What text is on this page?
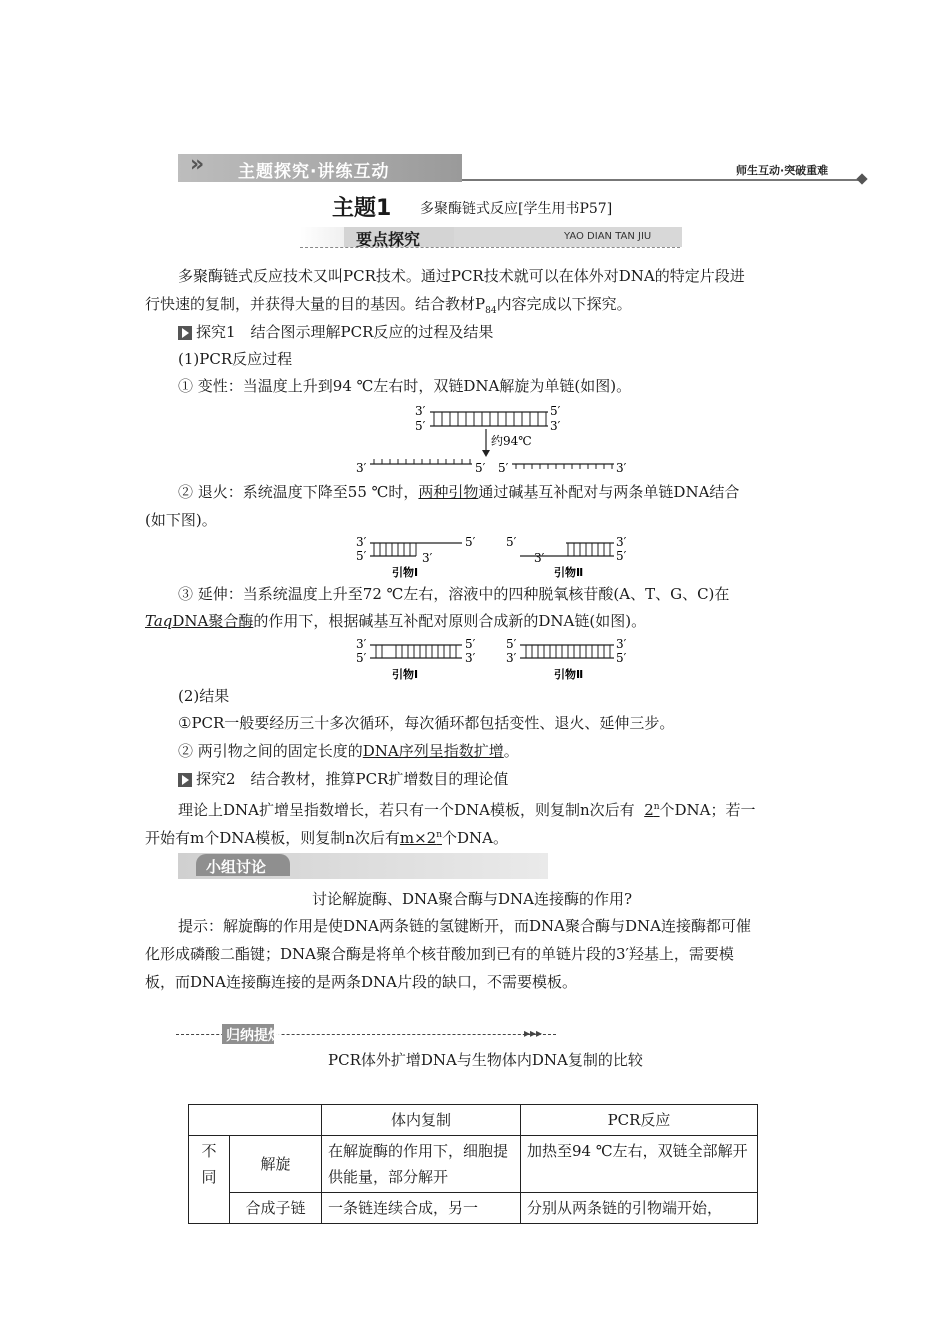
» 主题探究·讲练互动	师生互动·突破重难
主题1 多聚酶链式反应[学生用书P57]
要点探究	YAO DIAN TAN JIU
多聚酶链式反应技术又叫PCR技术。通过PCR技术就可以在体外对DNA的特定片段进
行快速的复制，并获得大量的目的基因。结合教材$P_{84}$内容完成以下探究。
探究1　结合图示理解PCR反应的过程及结果
(1)PCR反应过程
① 变性：当温度上升到94 ℃左右时，双链DNA解旋为单链(如图)。
3′
5′
5′
3′
约94℃
3′	5′ 5′	3′
② 退火：系统温度下降至55 ℃时，两种引物通过碱基互补配对与两条单链DNA结合
(如下图)。
3′
5′	3′
5′
引物Ⅰ
5′
3′
3′
5′
引物Ⅱ
③ 延伸：当系统温度上升至72 ℃左右，溶液中的四种脱氧核苷酸(A、T、G、C)在
TaqDNA聚合酶的作用下，根据碱基互补配对原则合成新的DNA链(如图)。
3′
5′
5′
3′
引物Ⅰ
5′
3′
3′
5′
引物Ⅱ
(2)结果
①PCR一般要经历三十多次循环，每次循环都包括变性、退火、延伸三步。
② 两引物之间的固定长度的DNA序列呈指数扩增。
探究2　结合教材，推算PCR扩增数目的理论值
理论上DNA扩增呈指数增长，若只有一个DNA模板，则复制n次后有 2$^n$个DNA；若一
开始有m个DNA模板，则复制n次后有$m\times 2^n$个DNA。
小组讨论
讨论解旋酶、DNA聚合酶与DNA连接酶的作用?
提示：解旋酶的作用是使DNA两条链的氢键断开，而DNA聚合酶与DNA连接酶都可催
化形成磷酸二酯键；DNA聚合酶是将单个核苷酸加到已有的单链片段的3′羟基上，需要模
板，而DNA连接酶连接的是两条DNA片段的缺口，不需要模板。
归纳提炼	▸▸▸
PCR体外扩增DNA与生物体内DNA复制的比较
		体内复制	PCR反应
不同	解旋	在解旋酶的作用下，细胞提供能量，部分解开	加热至94 ℃左右，双链全部解开
	合成子链	一条链连续合成，另一	分别从两条链的引物端开始，
